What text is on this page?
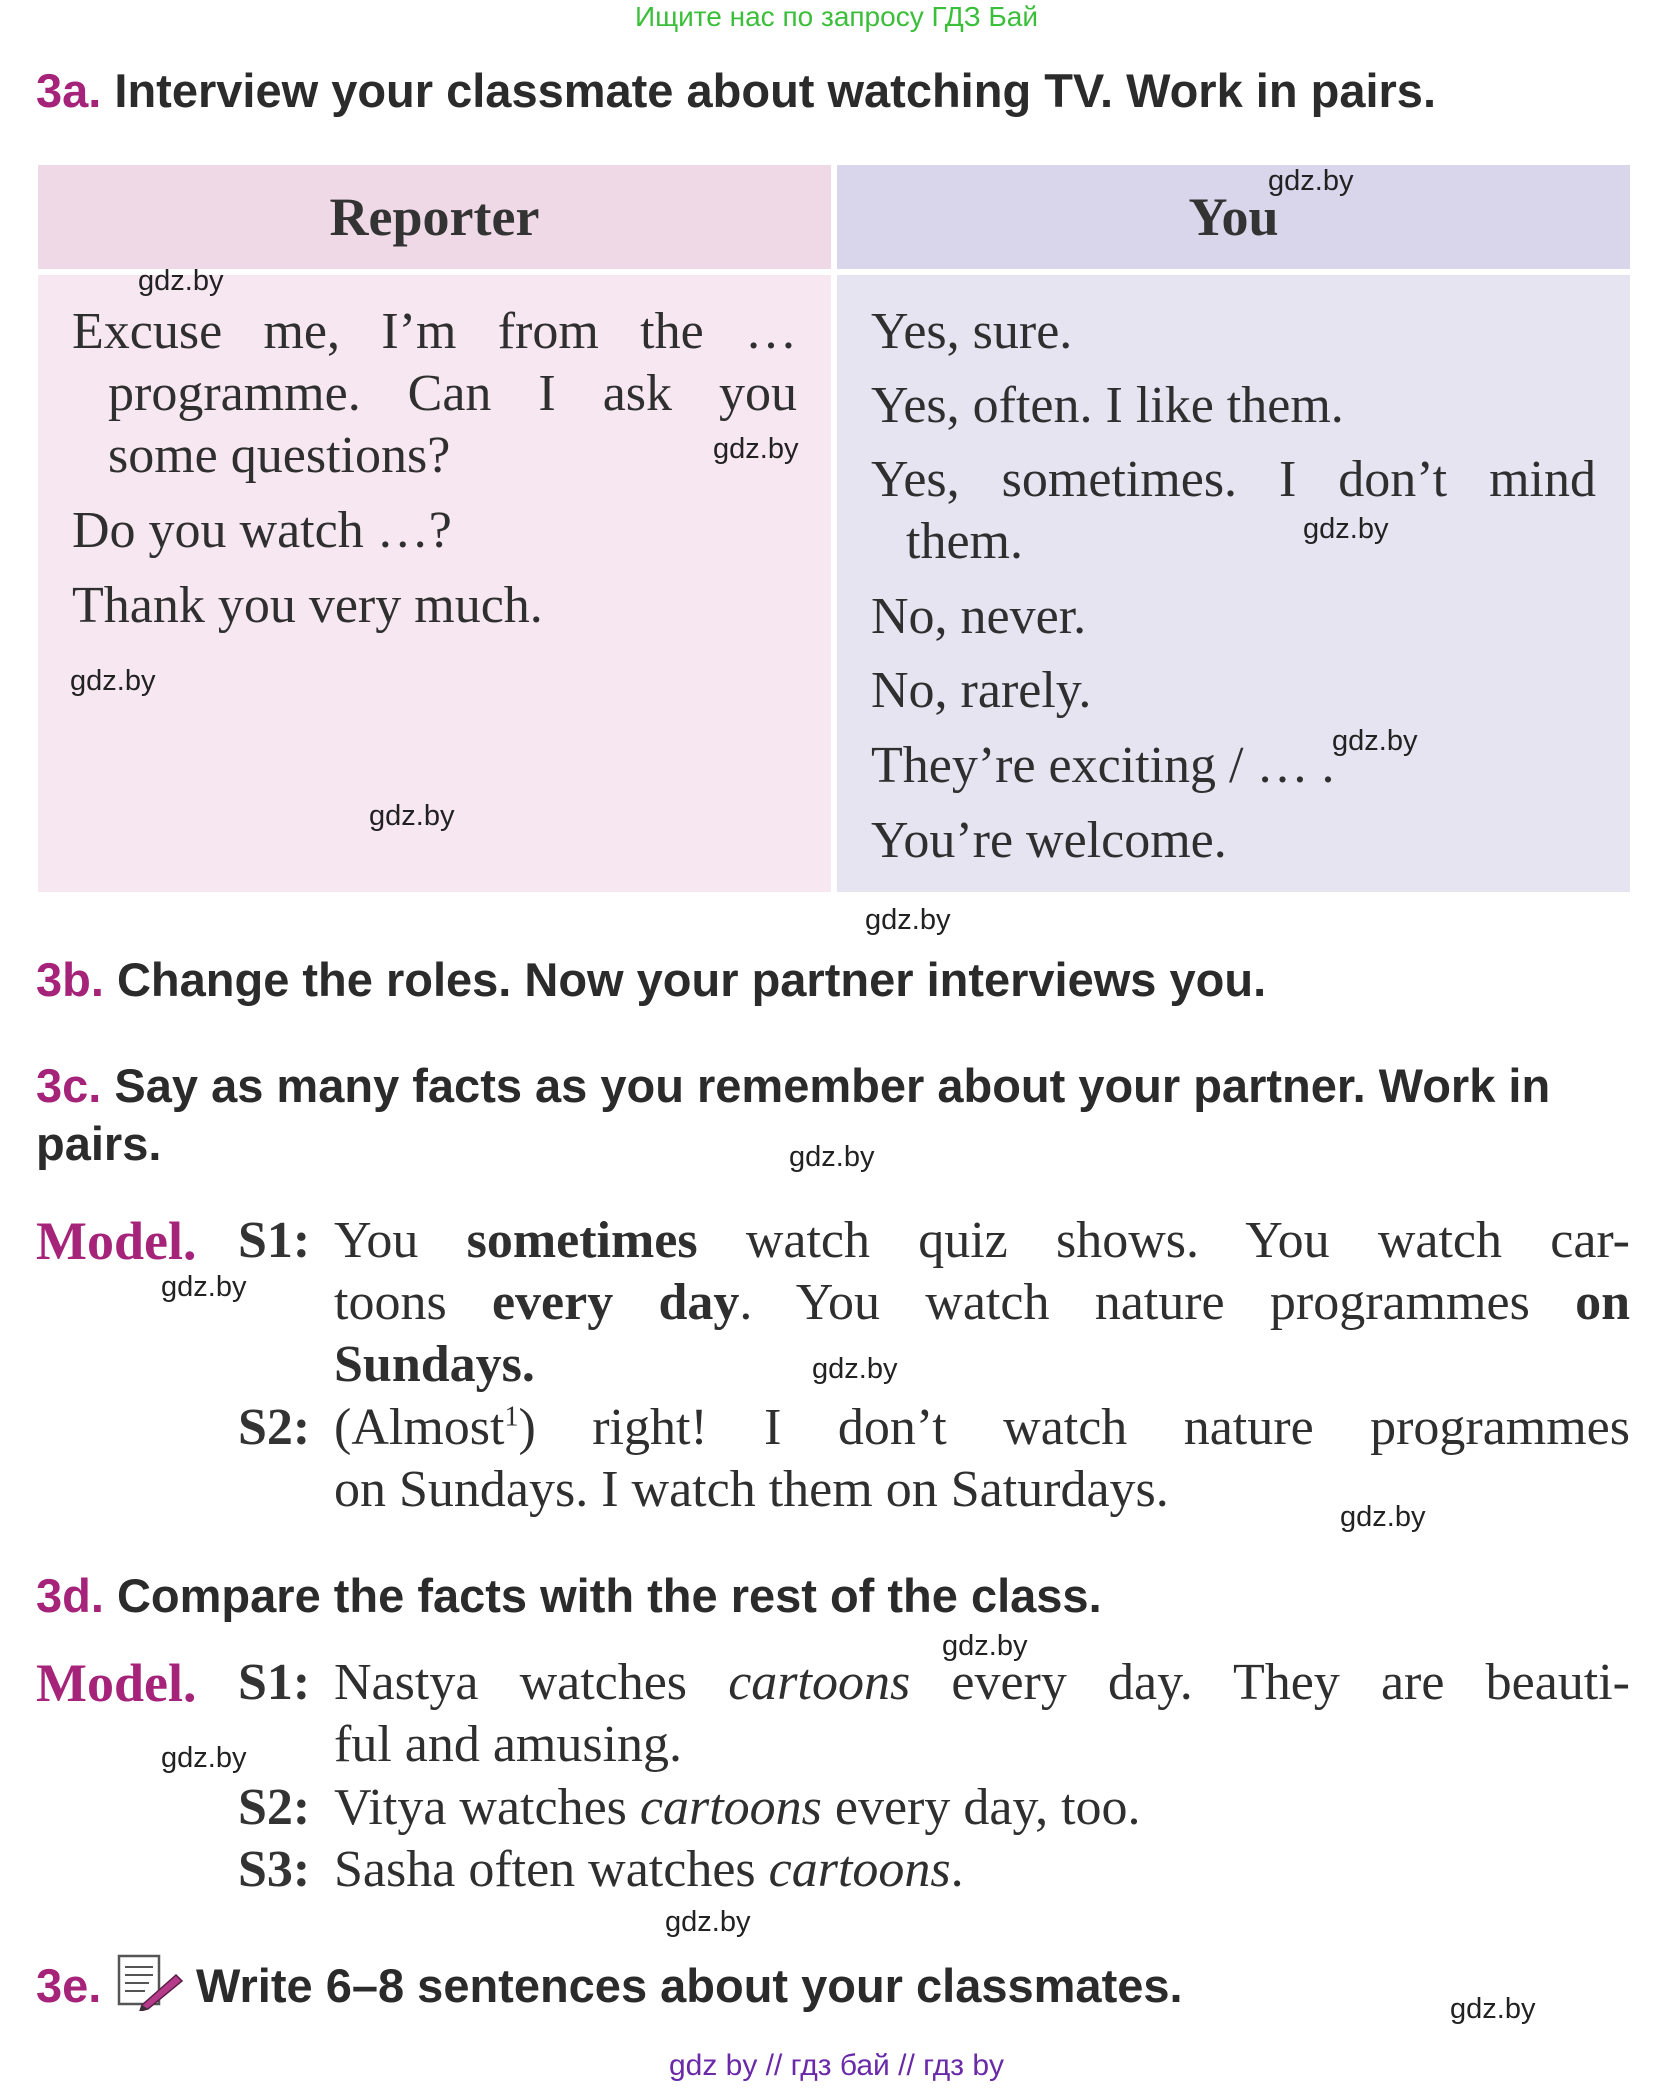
Ищите нас по запросу ГДЗ Бай
3a. Interview your classmate about watching TV. Work in pairs.
Reporter	You
Excuse me, I’m from the …
programme. Can I ask you
some questions?
Do you watch …?
Thank you very much.
Yes, sure.
Yes, often. I like them.
Yes, sometimes. I don’t mind
them.
No, never.
No, rarely.
They’re exciting / … .
You’re welcome.
3b. Change the roles. Now your partner interviews you.
3c. Say as many facts as you remember about your partner. Work in
pairs.
Model. S1: You sometimes watch quiz shows. You watch car-
toons every day. You watch nature programmes on
Sundays.
S2: (Almost$^1$) right! I don’t watch nature programmes
on Sundays. I watch them on Saturdays.
3d. Compare the facts with the rest of the class.
Model. S1: Nastya watches cartoons every day. They are beauti-
ful and amusing.
S2: Vitya watches cartoons every day, too.
S3: Sasha often watches cartoons.
3e. Write 6–8 sentences about your classmates.
gdz.by
gdz.by
gdz.by
gdz.by
gdz.by
gdz.by
gdz.by
gdz.by
gdz.by
gdz.by
gdz.by
gdz.by
gdz.by
gdz.by
gdz.by
gdz.by
gdz by // гдз бай // гдз by
